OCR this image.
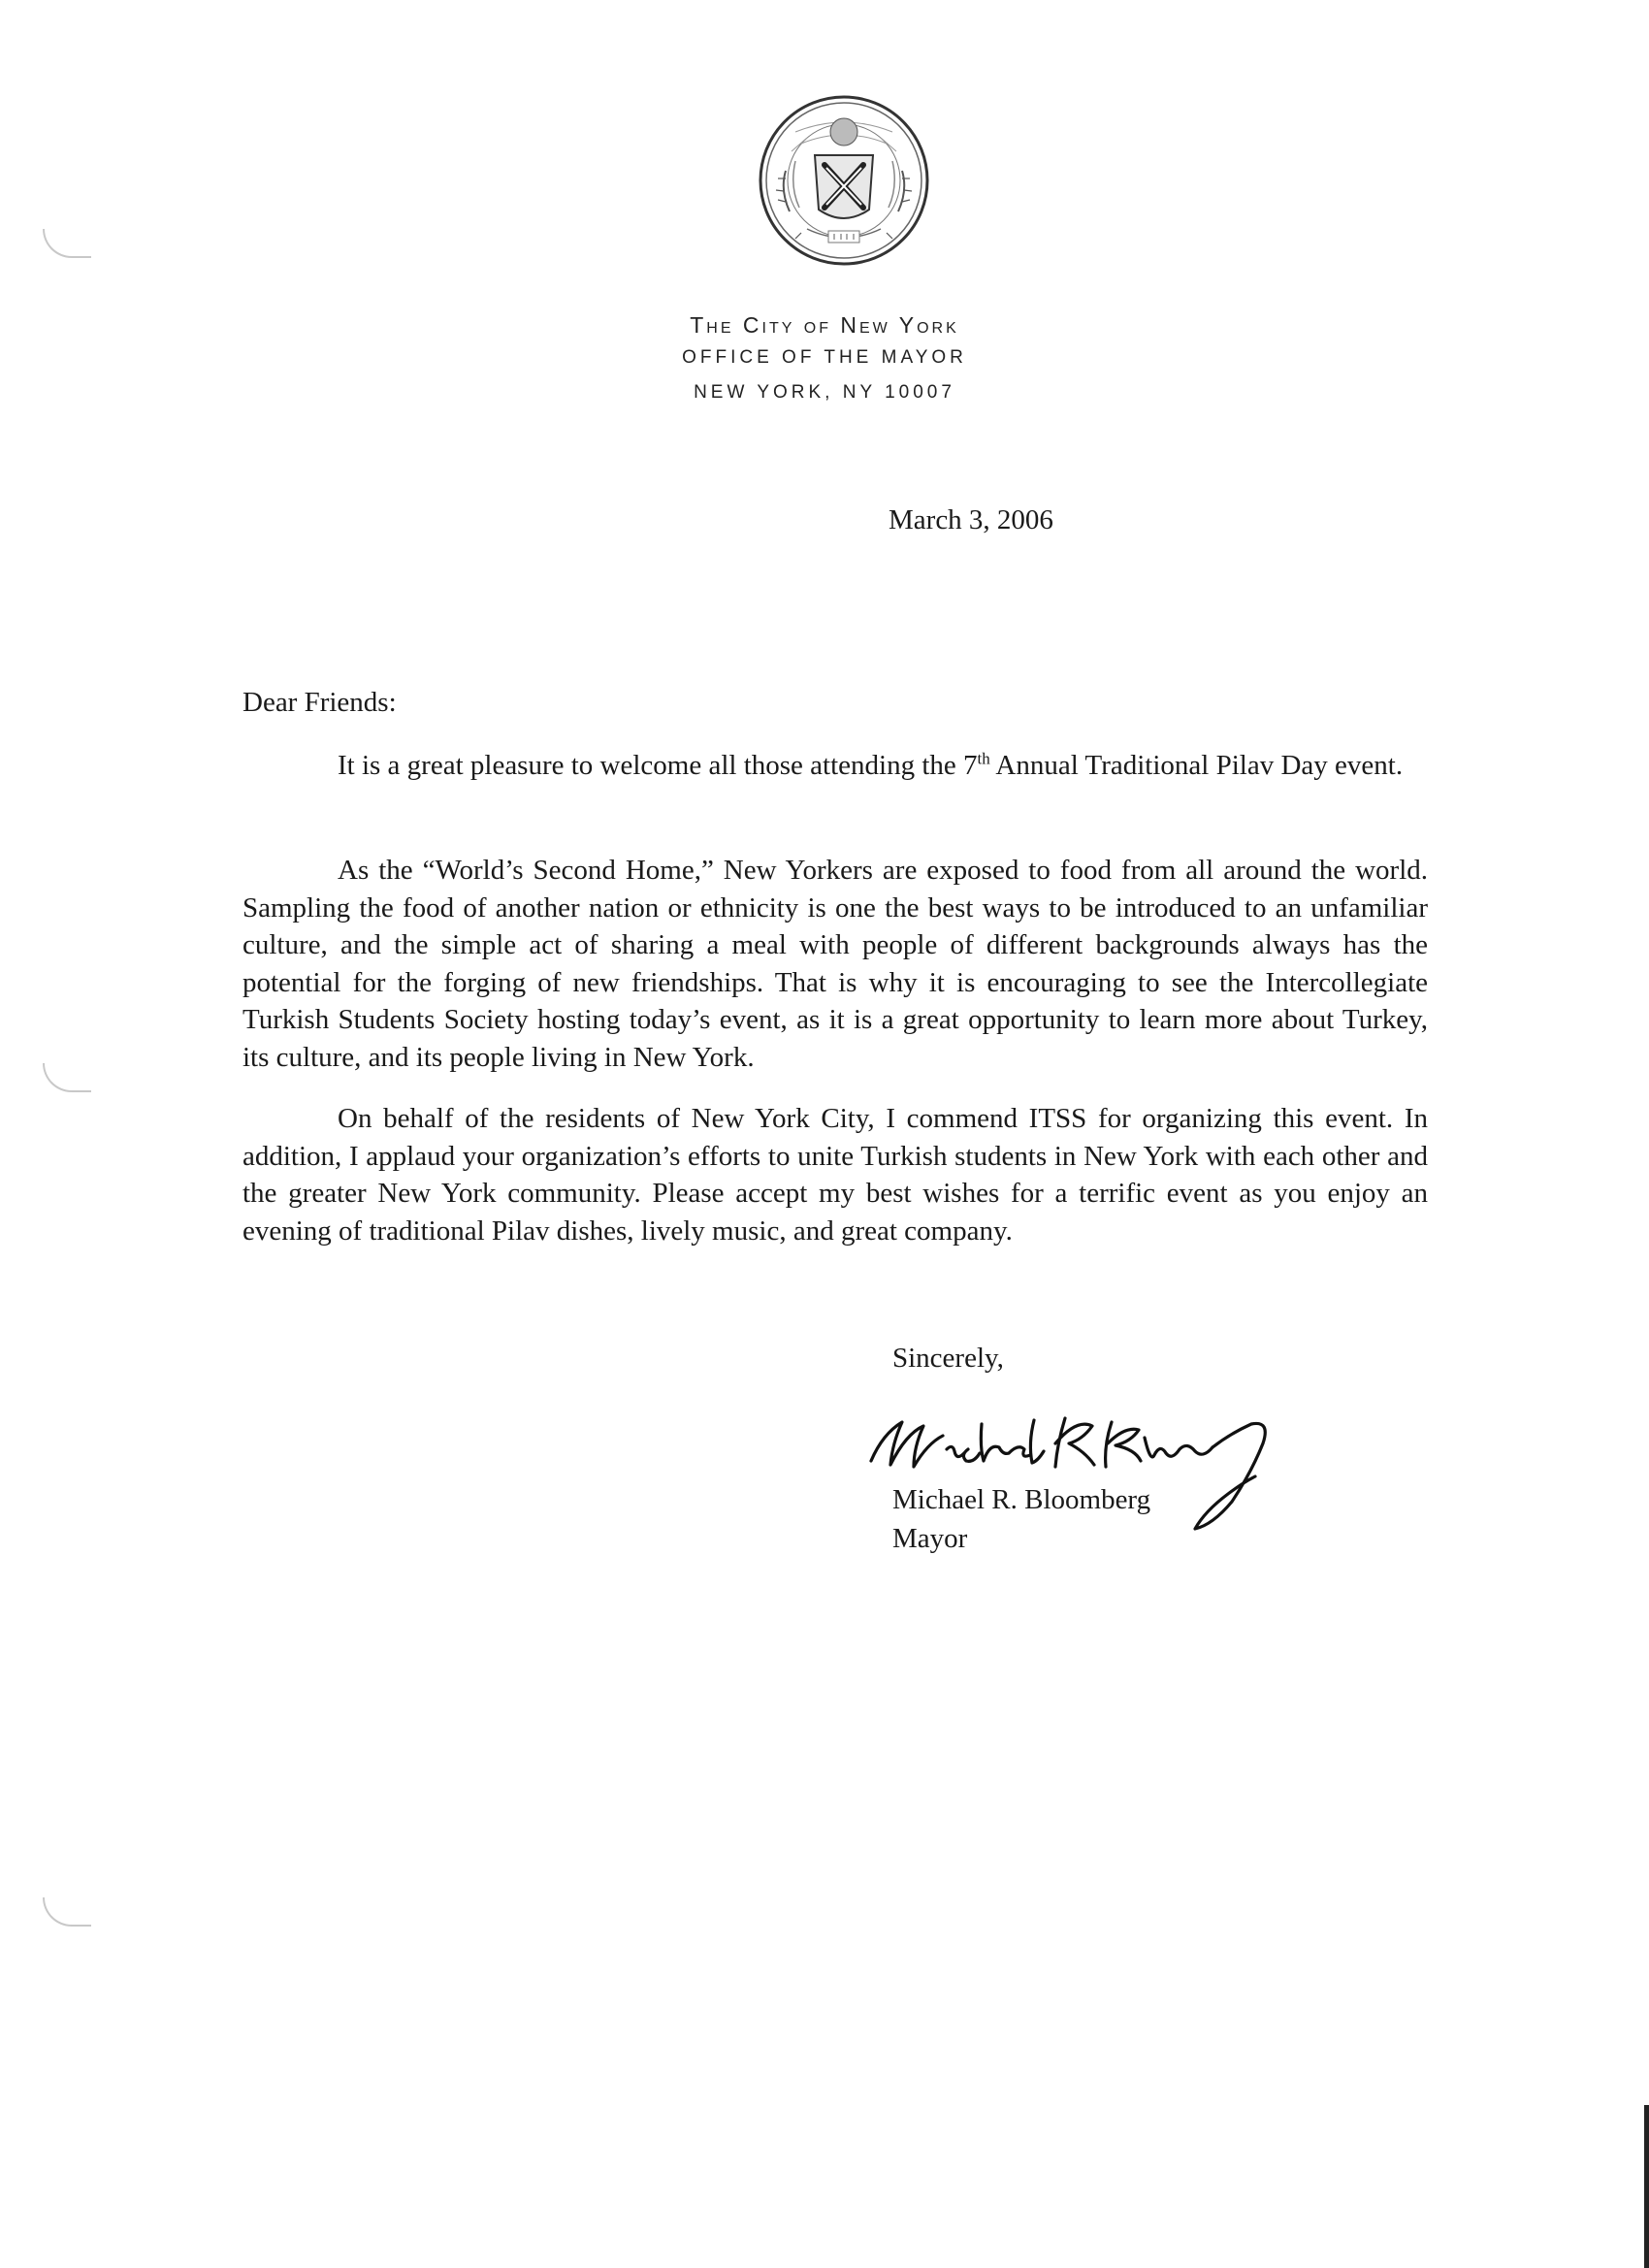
The City of New York
OFFICE OF THE MAYOR
NEW YORK, NY 10007
March 3, 2006
Dear Friends:

It is a great pleasure to welcome all those attending the 7th Annual Traditional Pilav Day event.

As the “World’s Second Home,” New Yorkers are exposed to food from all around the world. Sampling the food of another nation or ethnicity is one the best ways to be introduced to an unfamiliar culture, and the simple act of sharing a meal with people of different backgrounds always has the potential for the forging of new friendships. That is why it is encouraging to see the Intercollegiate Turkish Students Society hosting today’s event, as it is a great opportunity to learn more about Turkey, its culture, and its people living in New York.

On behalf of the residents of New York City, I commend ITSS for organizing this event. In addition, I applaud your organization’s efforts to unite Turkish students in New York with each other and the greater New York community. Please accept my best wishes for a terrific event as you enjoy an evening of traditional Pilav dishes, lively music, and great company.

Sincerely,
Michael R. Bloomberg
Mayor
